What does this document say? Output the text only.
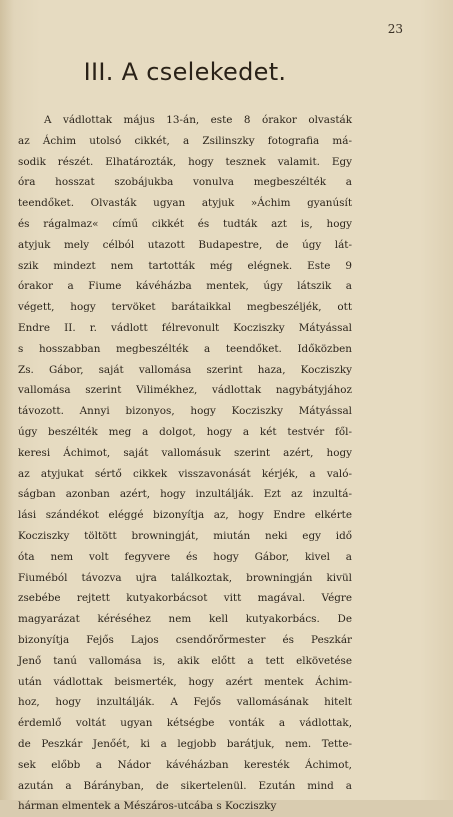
23
III. A cselekedet.
A vádlottak május 13-án, este 8 órakor olvasták
az Áchim utolsó cikkét, a Zsilinszky fotografia má-
sodik részét. Elhatározták, hogy tesznek valamit. Egy
óra hosszat szobájukba vonulva megbeszélték a
teendőket. Olvasták ugyan atyjuk »Áchim gyanúsít
és rágalmaz« című cikkét és tudták azt is, hogy
atyjuk mely célból utazott Budapestre, de úgy lát-
szik mindezt nem tartották még elégnek. Este 9
órakor a Fiume kávéházba mentek, úgy látszik a
végett, hogy tervöket barátaikkal megbeszéljék, ott
Endre II. r. vádlott félrevonult Kocziszky Mátyással
s hosszabban megbeszélték a teendőket. Időközben
Zs. Gábor, saját vallomása szerint haza, Kocziszky
vallomása szerint Vilimékhez, vádlottak nagybátyjához
távozott. Annyi bizonyos, hogy Kocziszky Mátyással
úgy beszélték meg a dolgot, hogy a két testvér fől-
keresi Áchimot, saját vallomásuk szerint azért, hogy
az atyjukat sértő cikkek visszavonását kérjék, a való-
ságban azonban azért, hogy inzultálják. Ezt az inzultá-
lási szándékot eléggé bizonyítja az, hogy Endre elkérte
Kocziszky töltött browningját, miután neki egy idő
óta nem volt fegyvere és hogy Gábor, kivel a
Fiuméból távozva ujra találkoztak, browningján kivül
zsebébe rejtett kutyakorbácsot vitt magával. Végre
magyarázat kéréséhez nem kell kutyakorbács. De
bizonyítja Fejős Lajos csendőrőrmester és Peszkár
Jenő tanú vallomása is, akik előtt a tett elkövetése
után vádlottak beismerték, hogy azért mentek Áchim-
hoz, hogy inzultálják. A Fejős vallomásának hitelt
érdemlő voltát ugyan kétségbe vonták a vádlottak,
de Peszkár Jenőét, ki a legjobb barátjuk, nem. Tette-
sek előbb a Nádor kávéházban keresték Áchimot,
azután a Bárányban, de sikertelenül. Ezután mind a
hárman elmentek a Mészáros-utcába s Kocziszky
